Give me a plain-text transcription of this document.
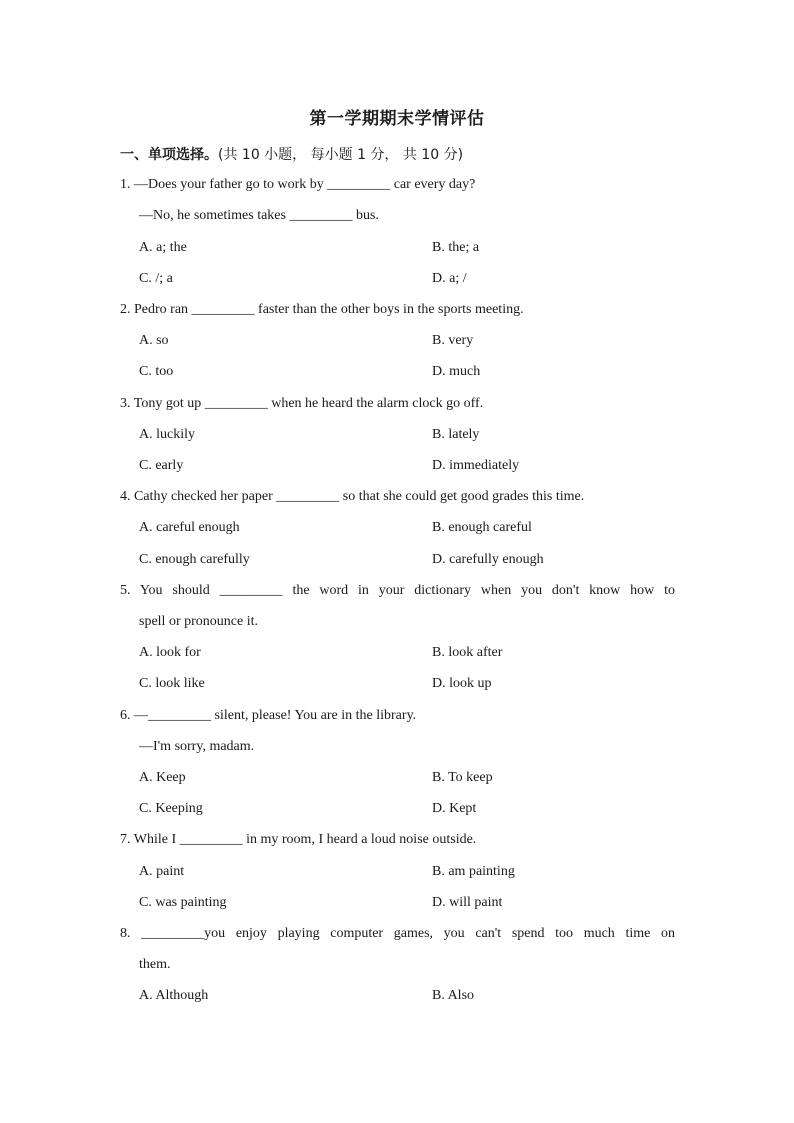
第一学期期末学情评估
一、单项选择。(共 10 小题， 每小题 1 分， 共 10 分)
1. —Does your father go to work by _________ car every day?
—No, he sometimes takes _________ bus.
A. a; the	B. the; a
C. /; a	D. a; /
2. Pedro ran _________ faster than the other boys in the sports meeting.
A. so	B. very
C. too	D. much
3. Tony got up _________ when he heard the alarm clock go off.
A. luckily	B. lately
C. early	D. immediately
4. Cathy checked her paper _________ so that she could get good grades this time.
A. careful enough	B. enough careful
C. enough carefully	D. carefully enough
5. You should _________ the word in your dictionary when you don't know how to
spell or pronounce it.
A. look for	B. look after
C. look like	D. look up
6. —_________ silent, please! You are in the library.
—I'm sorry, madam.
A. Keep	B. To keep
C. Keeping	D. Kept
7. While I _________ in my room, I heard a loud noise outside.
A. paint	B. am painting
C. was painting	D. will paint
8. _________you enjoy playing computer games, you can't spend too much time on
them.
A. Although	B. Also
